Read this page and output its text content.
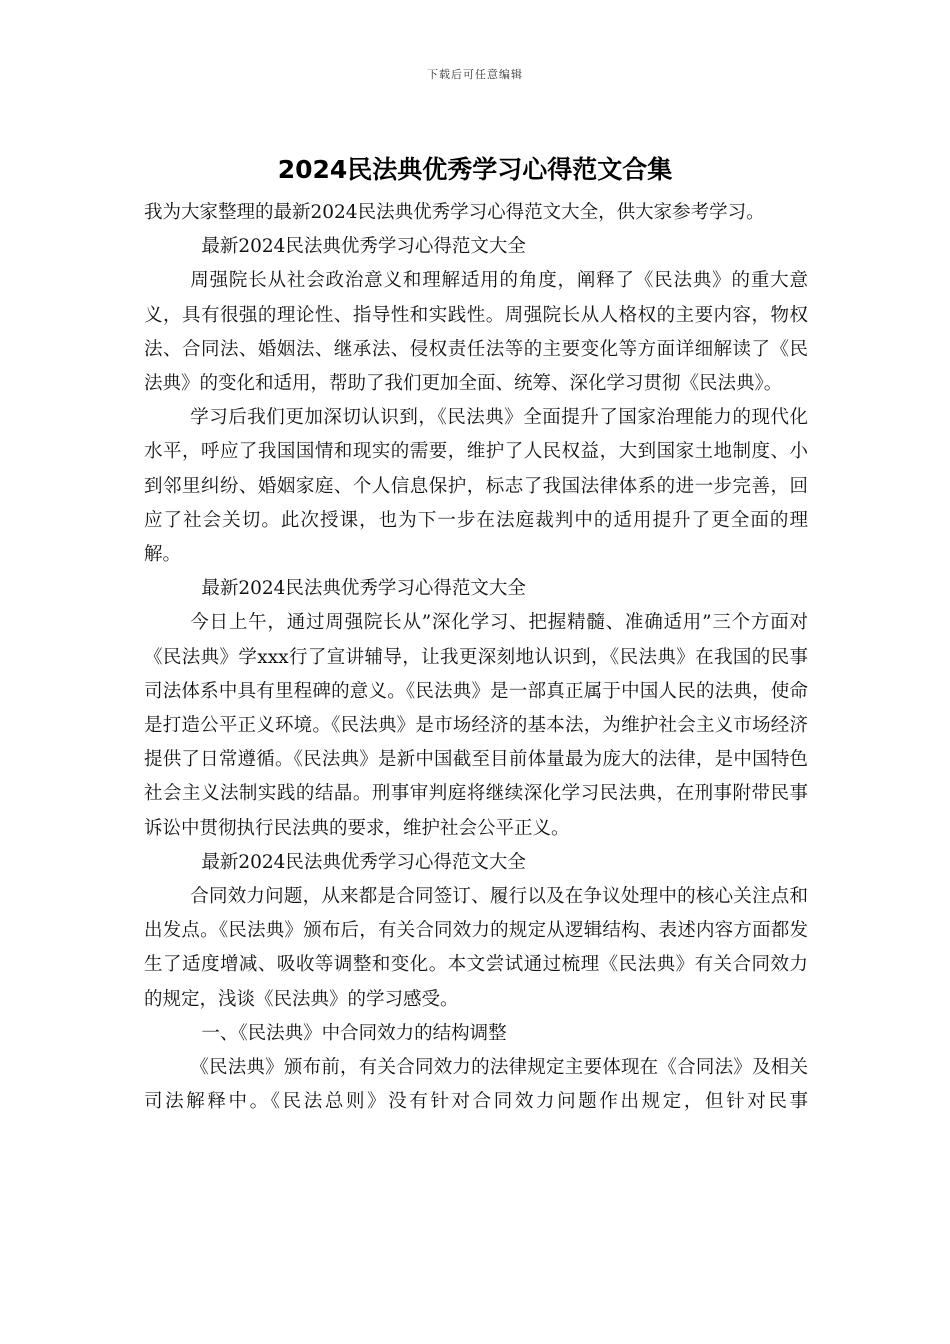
下载后可任意编辑
2024民法典优秀学习心得范文合集

我为大家整理的最新2024民法典优秀学习心得范文大全，供大家参考学习。

最新2024民法典优秀学习心得范文大全

周强院长从社会政治意义和理解适用的角度，阐释了《民法典》的重大意义，具有很强的理论性、指导性和实践性。周强院长从人格权的主要内容，物权法、合同法、婚姻法、继承法、侵权责任法等的主要变化等方面详细解读了《民法典》的变化和适用，帮助了我们更加全面、统筹、深化学习贯彻《民法典》。

学习后我们更加深切认识到，《民法典》全面提升了国家治理能力的现代化水平，呼应了我国国情和现实的需要，维护了人民权益，大到国家土地制度、小到邻里纠纷、婚姻家庭、个人信息保护，标志了我国法律体系的进一步完善，回应了社会关切。此次授课，也为下一步在法庭裁判中的适用提升了更全面的理解。

最新2024民法典优秀学习心得范文大全

今日上午，通过周强院长从”深化学习、把握精髓、准确适用”三个方面对《民法典》学xxx行了宣讲辅导，让我更深刻地认识到，《民法典》在我国的民事司法体系中具有里程碑的意义。《民法典》是一部真正属于中国人民的法典，使命是打造公平正义环境。《民法典》是市场经济的基本法，为维护社会主义市场经济提供了日常遵循。《民法典》是新中国截至目前体量最为庞大的法律，是中国特色社会主义法制实践的结晶。刑事审判庭将继续深化学习民法典，在刑事附带民事诉讼中贯彻执行民法典的要求，维护社会公平正义。

最新2024民法典优秀学习心得范文大全

合同效力问题，从来都是合同签订、履行以及在争议处理中的核心关注点和出发点。《民法典》颁布后，有关合同效力的规定从逻辑结构、表述内容方面都发生了适度增减、吸收等调整和变化。本文尝试通过梳理《民法典》有关合同效力的规定，浅谈《民法典》的学习感受。

一、《民法典》中合同效力的结构调整

《民法典》颁布前，有关合同效力的法律规定主要体现在《合同法》及相关司法解释中。《民法总则》没有针对合同效力问题作出规定，但针对民事
